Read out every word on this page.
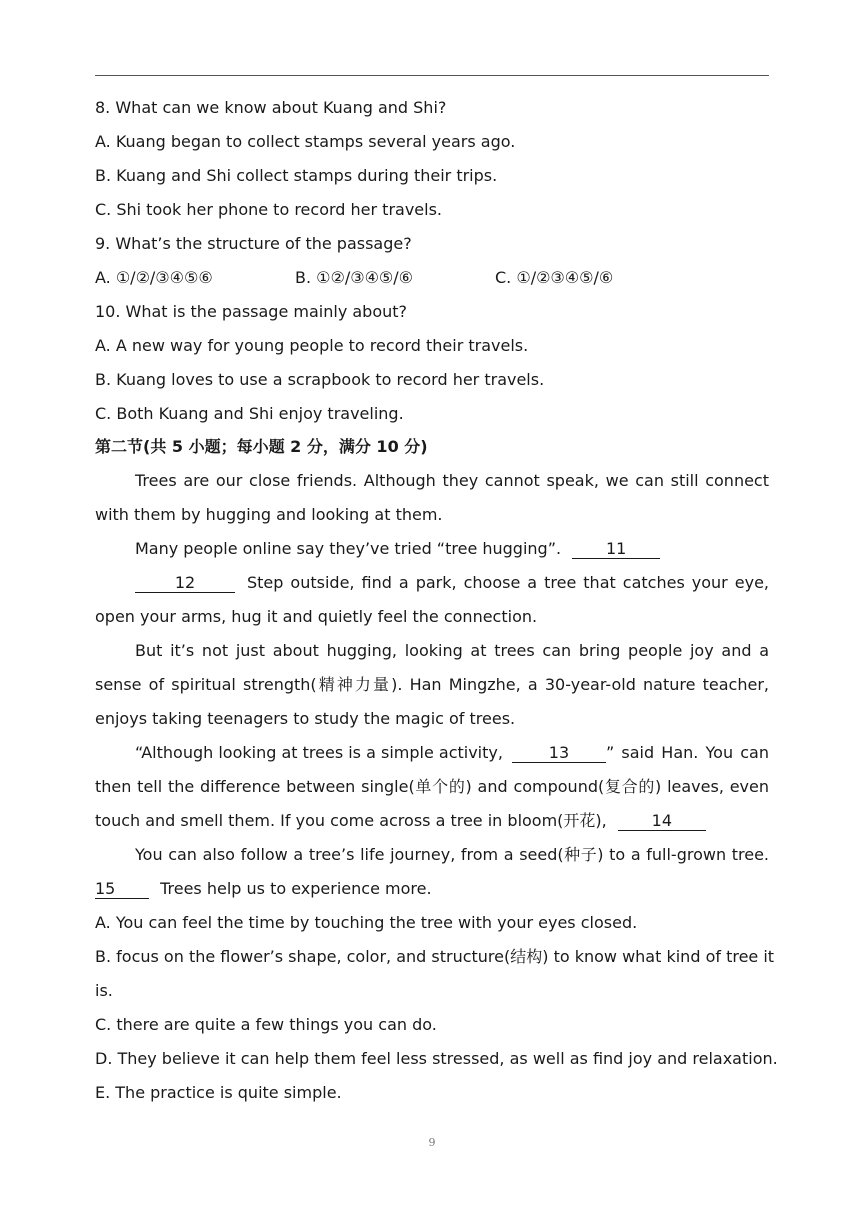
8. What can we know about Kuang and Shi?
A. Kuang began to collect stamps several years ago.
B. Kuang and Shi collect stamps during their trips.
C. Shi took her phone to record her travels.
9. What’s the structure of the passage?
A. ①/②/③④⑤⑥	B. ①②/③④⑤/⑥	C. ①/②③④⑤/⑥
10. What is the passage mainly about?
A. A new way for young people to record their travels.
B. Kuang loves to use a scrapbook to record her travels.
C. Both Kuang and Shi enjoy traveling.
第二节(共 5 小题；每小题 2 分，满分 10 分)
Trees are our close friends. Although they cannot speak, we can still connect
with them by hugging and looking at them.
Many people online say they’ve tried “tree hugging”.	11
12	Step outside, find a park, choose a tree that catches your eye,
open your arms, hug it and quietly feel the connection.
But it’s not just about hugging, looking at trees can bring people joy and a
sense of spiritual strength(精神力量). Han Mingzhe, a 30-year-old nature teacher,
enjoys taking teenagers to study the magic of trees.
“Although looking at trees is a simple activity,	13	” said Han. You can
then tell the difference between single(单个的) and compound(复合的) leaves, even
touch and smell them. If you come across a tree in bloom(开花),	14
You can also follow a tree’s life journey, from a seed(种子) to a full-grown tree.
15	Trees help us to experience more.
A. You can feel the time by touching the tree with your eyes closed.
B. focus on the flower’s shape, color, and structure(结构) to know what kind of tree it
is.
C. there are quite a few things you can do.
D. They believe it can help them feel less stressed, as well as find joy and relaxation.
E. The practice is quite simple.
9
